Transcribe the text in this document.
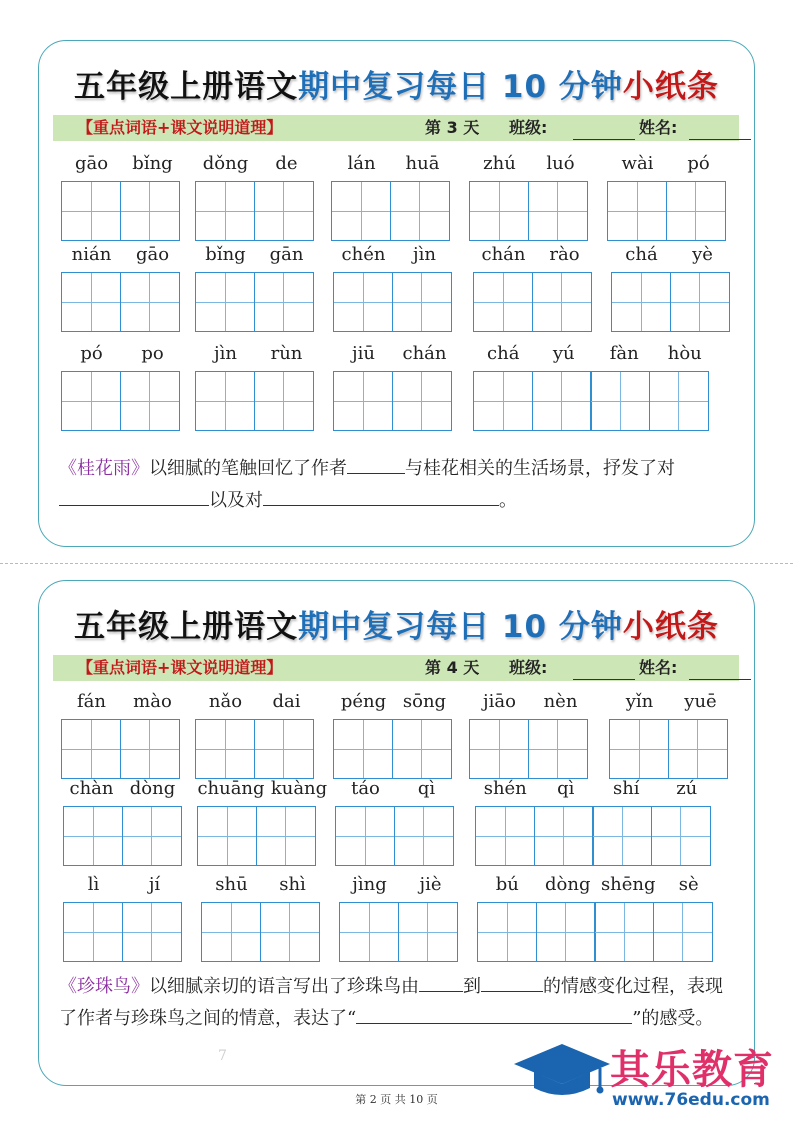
五年级上册语文期中复习每日 10 分钟小纸条
【重点词语+课文说明道理】	第 3 天 班级:	姓名:
gāo	bǐng	dǒng	de	lán	huā	zhú	luó	wài	pó
nián	gāo	bǐng	gān	chén	jìn	chán	rào	chá	yè
pó	po	jìn	rùn	jiū	chán	chá	yú	fàn	hòu
《桂花雨》以细腻的笔触回忆了作者	与桂花相关的生活场景，抒发了对以及对	。
五年级上册语文期中复习每日 10 分钟小纸条
【重点词语+课文说明道理】	第 4 天 班级:	姓名:
fán	mào	nǎo	dai	péng sōng	jiāo	nèn	yǐn	yuē
chàn dòng	chuāng kuàng	táo	qì	shén	qì	shí	zú
lì	jí	shū	shì	jìng	jiè	bú	dòng shēng	sè
《珍珠鸟》以细腻亲切的语言写出了珍珠鸟由 到	的情感变化过程，表现了作者与珍珠鸟之间的情意，表达了“	”的感受。
7
第 2 页 共 10 页
其乐教育
www.76edu.com
